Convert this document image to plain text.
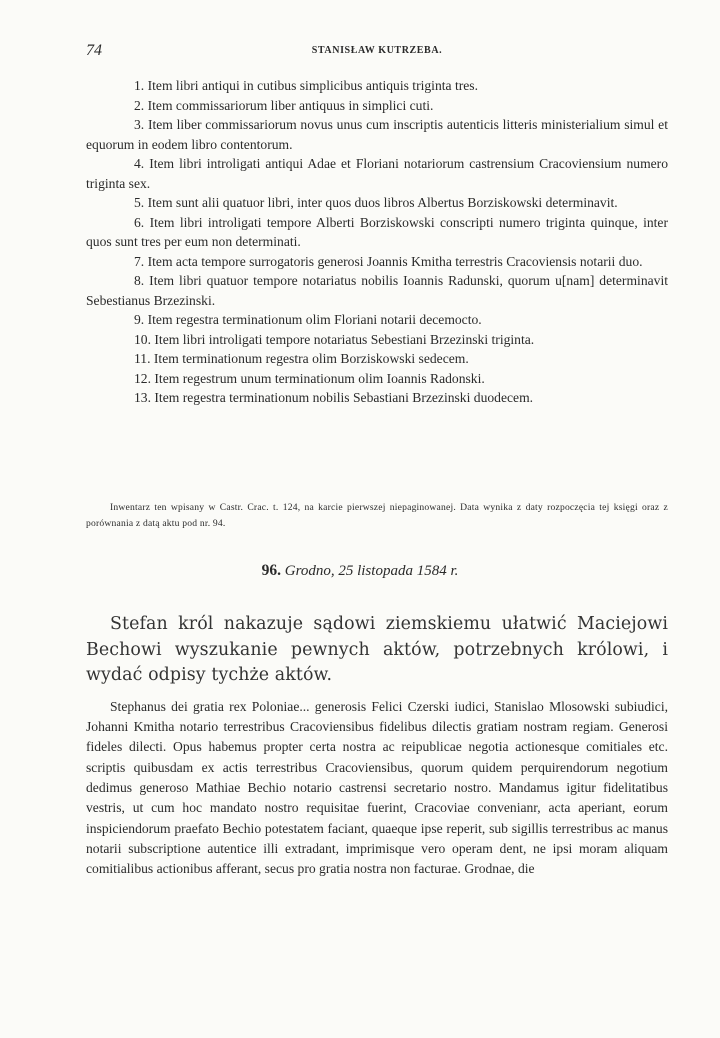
74	STANISŁAW KUTRZEBA.
1. Item libri antiqui in cutibus simplicibus antiquis triginta tres.
2. Item commissariorum liber antiquus in simplici cuti.
3. Item liber commissariorum novus unus cum inscriptis autenticis litteris ministerialium simul et equorum in eodem libro contentorum.
4. Item libri introligati antiqui Adae et Floriani notariorum castrensium Cracoviensium numero triginta sex.
5. Item sunt alii quatuor libri, inter quos duos libros Albertus Borziskowski determinavit.
6. Item libri introligati tempore Alberti Borziskowski conscripti numero triginta quinque, inter quos sunt tres per eum non determinati.
7. Item acta tempore surrogatoris generosi Joannis Kmitha terrestris Cracoviensis notarii duo.
8. Item libri quatuor tempore notariatus nobilis Ioannis Radunski, quorum u[nam] determinavit Sebestianus Brzezinski.
9. Item regestra terminationum olim Floriani notarii decemocto.
10. Item libri introligati tempore notariatus Sebestiani Brzezinski triginta.
11. Item terminationum regestra olim Borziskowski sedecem.
12. Item regestrum unum terminationum olim Ioannis Radonski.
13. Item regestra terminationum nobilis Sebastiani Brzezinski duodecem.

Inwentarz ten wpisany w Castr. Crac. t. 124, na karcie pierwszej niepaginowanej. Data wynika z daty rozpoczęcia tej księgi oraz z porównania z datą aktu pod nr. 94.

96. Grodno, 25 listopada 1584 r.

Stefan król nakazuje sądowi ziemskiemu ułatwić Maciejowi Bechowi wyszukanie pewnych aktów, potrzebnych królowi, i wydać odpisy tychże aktów.

Stephanus dei gratia rex Poloniae... generosis Felici Czerski iudici, Stanislao Mlosowski subiudici, Johanni Kmitha notario terrestribus Cracoviensibus fidelibus dilectis gratiam nostram regiam. Generosi fideles dilecti. Opus habemus propter certa nostra ac reipublicae negotia actionesque comitiales etc. scriptis quibusdam ex actis terrestribus Cracoviensibus, quorum quidem perquirendorum negotium dedimus generoso Mathiae Bechio notario castrensi secretario nostro. Mandamus igitur fidelitatibus vestris, ut cum hoc mandato nostro requisitae fuerint, Cracoviae convenianr, acta aperiant, eorum inspiciendorum praefato Bechio potestatem faciant, quaeque ipse reperit, sub sigillis terrestribus ac manus notarii subscriptione autentice illi extradant, imprimisque vero operam dent, ne ipsi moram aliquam comitialibus actionibus afferant, secus pro gratia nostra non facturae. Grodnae, die
